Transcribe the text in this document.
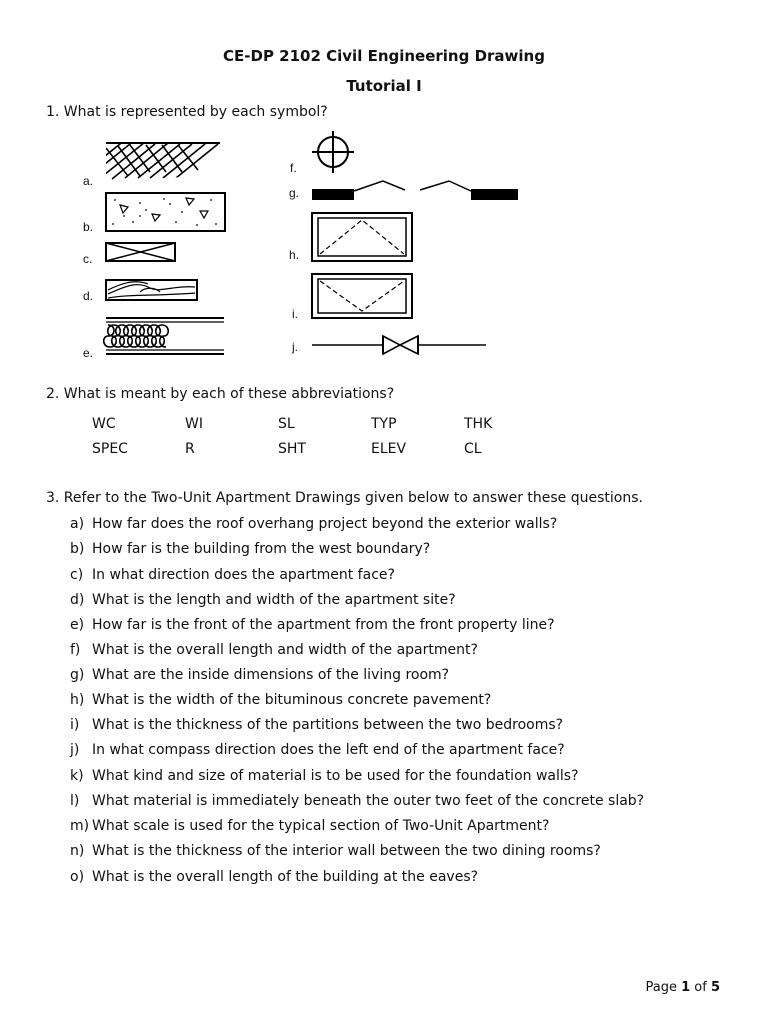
CE-DP 2102 Civil Engineering Drawing
Tutorial I
1. What is represented by each symbol?
a.
b.
c.
d.
e.
f.
g.
h.
i.
j.
2. What is meant by each of these abbreviations?
WC	WI	SL	TYP	THK
SPEC	R	SHT	ELEV	CL
3. Refer to the Two-Unit Apartment Drawings given below to answer these questions.
a) How far does the roof overhang project beyond the exterior walls?
b) How far is the building from the west boundary?
c) In what direction does the apartment face?
d) What is the length and width of the apartment site?
e) How far is the front of the apartment from the front property line?
f) What is the overall length and width of the apartment?
g) What are the inside dimensions of the living room?
h) What is the width of the bituminous concrete pavement?
i) What is the thickness of the partitions between the two bedrooms?
j) In what compass direction does the left end of the apartment face?
k) What kind and size of material is to be used for the foundation walls?
l) What material is immediately beneath the outer two feet of the concrete slab?
m) What scale is used for the typical section of Two-Unit Apartment?
n) What is the thickness of the interior wall between the two dining rooms?
o) What is the overall length of the building at the eaves?
Page 1 of 5
